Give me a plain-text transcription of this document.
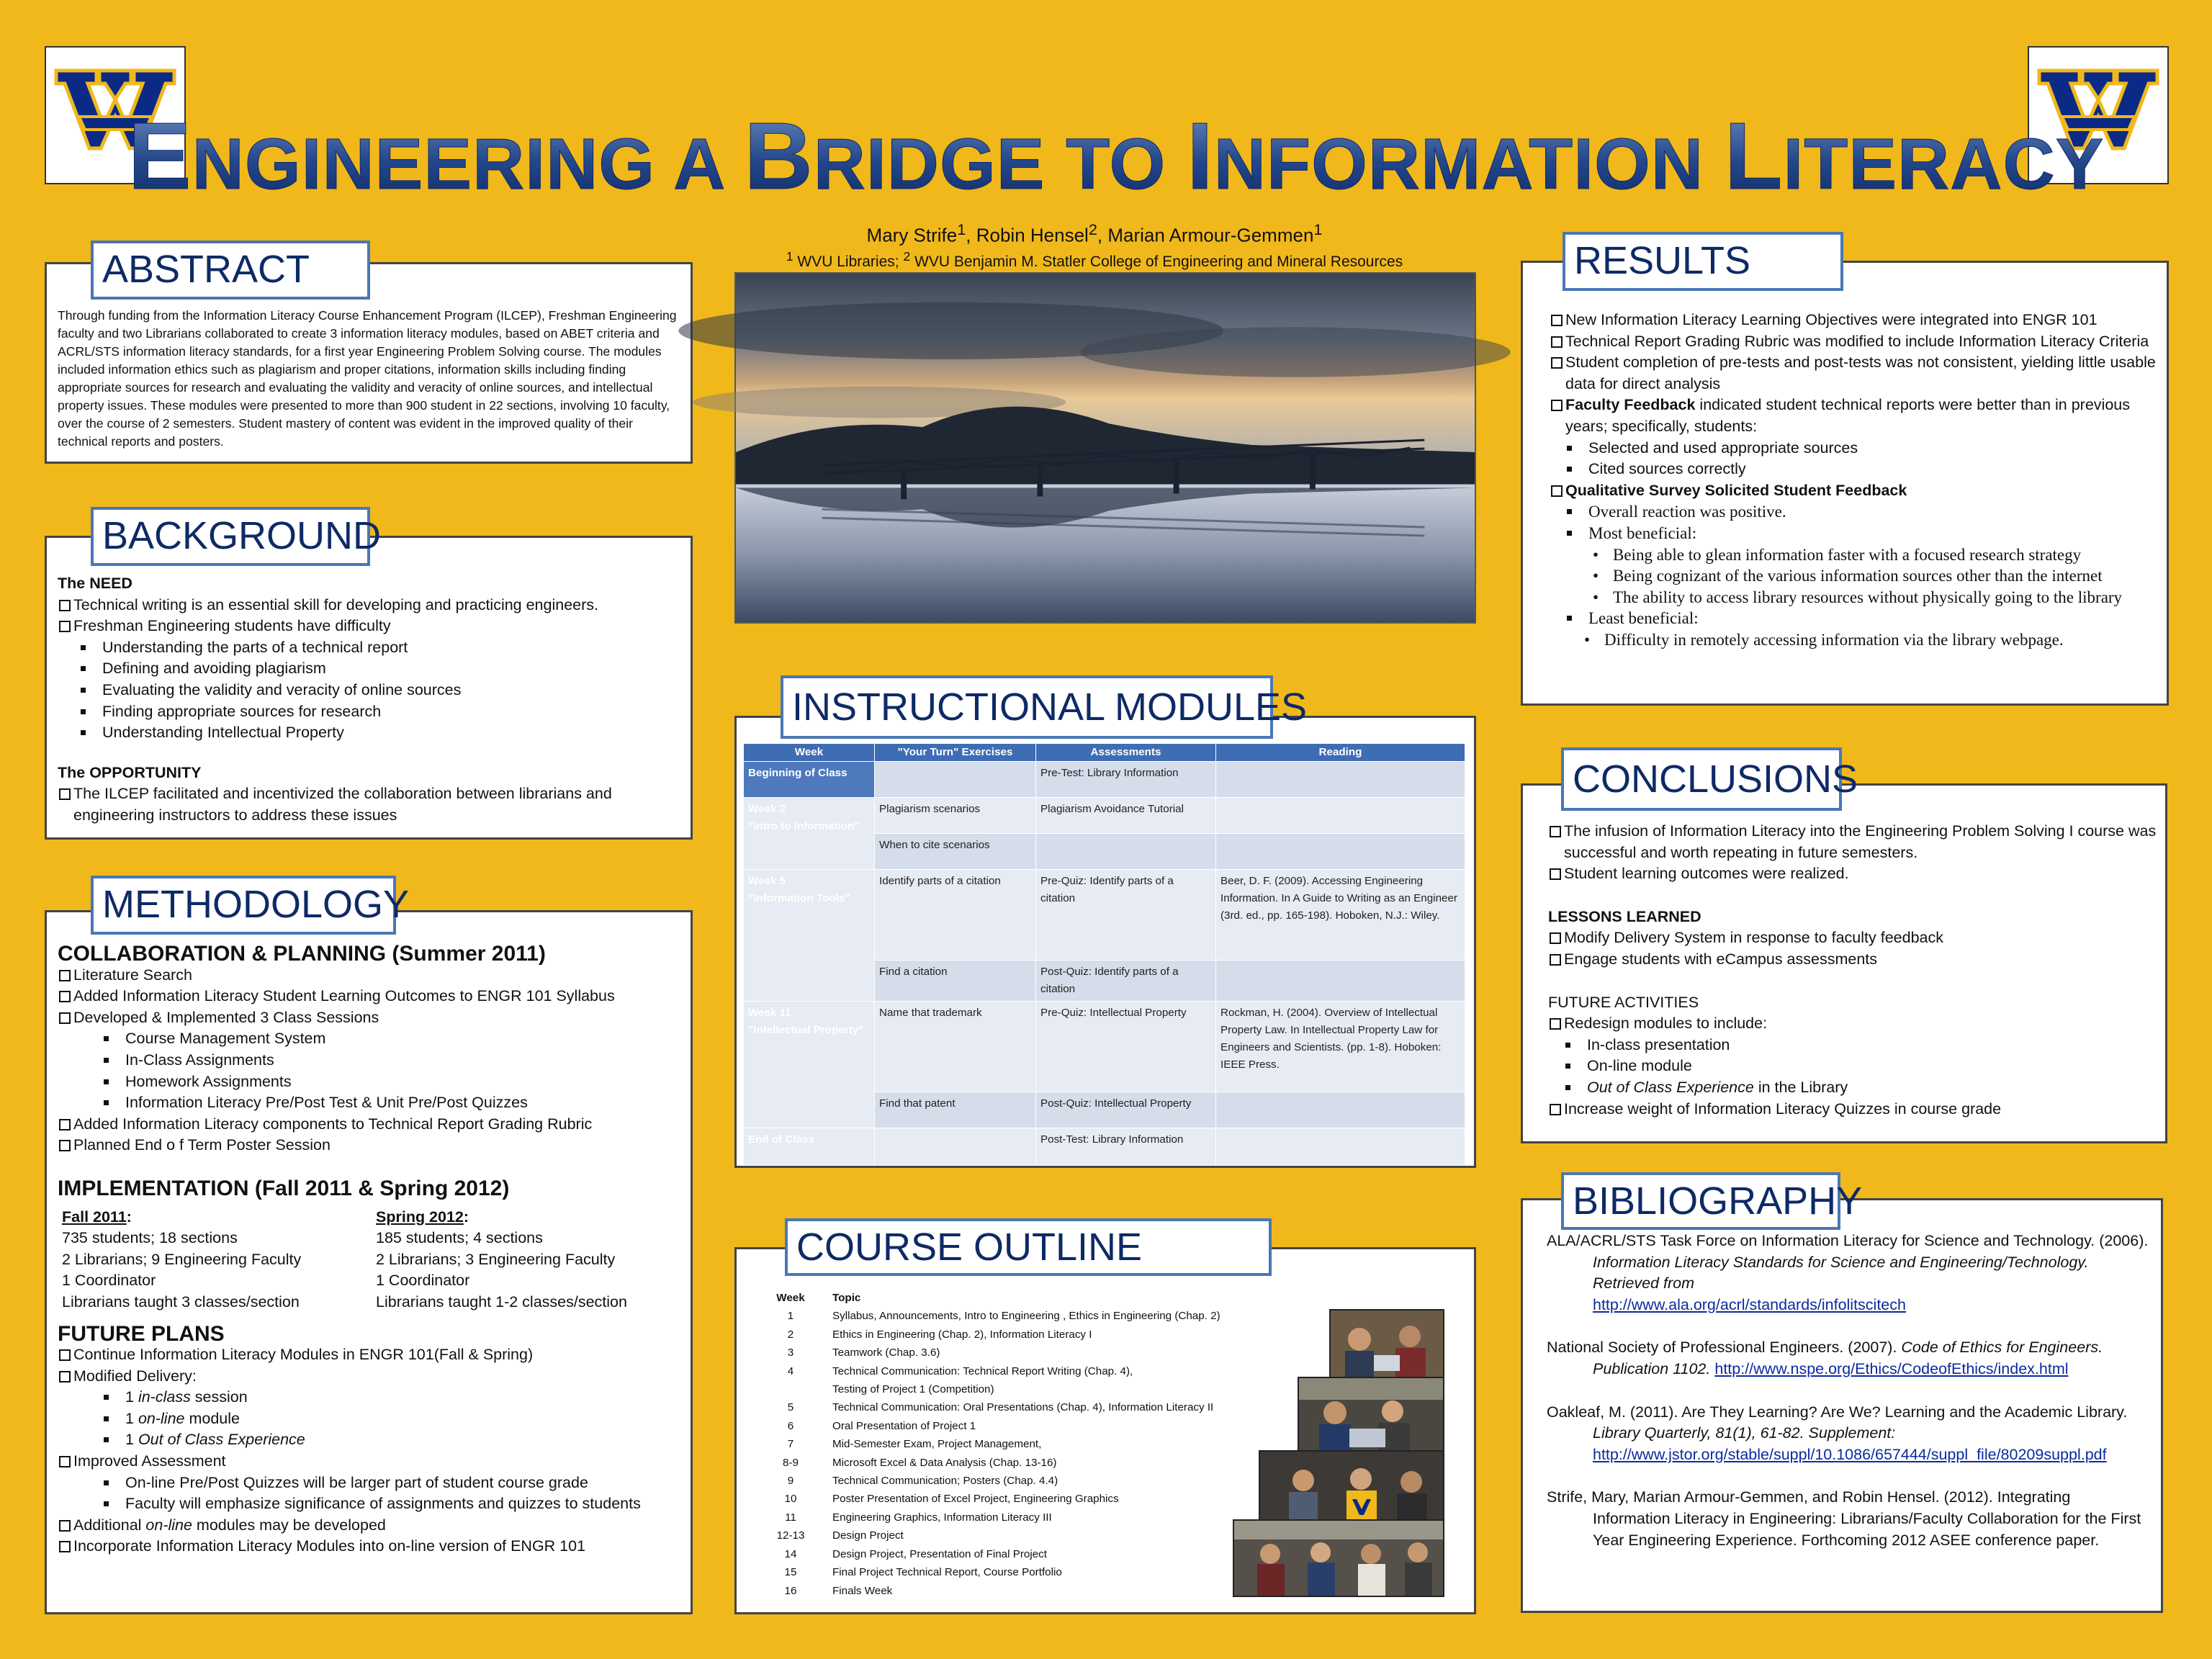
ENGINEERING A BRIDGE TO INFORMATION LITERACY
Mary Strife$^1$, Robin Hensel$^2$, Marian Armour-Gemmen$^1$
$^1$ WVU Libraries; $^2$ WVU Benjamin M. Statler College of Engineering and Mineral Resources
ABSTRACT
Through funding from the Information Literacy Course Enhancement Program (ILCEP), Freshman Engineering faculty and two Librarians collaborated to create 3 information literacy modules, based on ABET criteria and ACRL/STS information literacy standards, for a first year Engineering Problem Solving course. The modules included information ethics such as plagiarism and proper citations, information skills including finding appropriate sources for research and evaluating the validity and veracity of online sources, and intellectual property issues. These modules were presented to more than 900 student in 22 sections, involving 10 faculty, over the course of 2 semesters. Student mastery of content was evident in the improved quality of their technical reports and posters.
BACKGROUND
The NEED
Technical writing is an essential skill for developing and practicing engineers.
Freshman Engineering students have difficulty
Understanding the parts of a technical report
Defining and avoiding plagiarism
Evaluating the validity and veracity of online sources
Finding appropriate sources for research
Understanding Intellectual Property
The OPPORTUNITY
The ILCEP facilitated and incentivized the collaboration between librarians and engineering instructors to address these issues
METHODOLOGY
COLLABORATION & PLANNING (Summer 2011)
Literature Search
Added Information Literacy Student Learning Outcomes to ENGR 101 Syllabus
Developed & Implemented 3 Class Sessions
Course Management System
In-Class Assignments
Homework Assignments
Information Literacy Pre/Post Test & Unit Pre/Post Quizzes
Added Information Literacy components to Technical Report Grading Rubric
Planned End o f Term Poster Session
IMPLEMENTATION (Fall 2011 & Spring 2012)
Fall 2011:
735 students; 18 sections
2 Librarians; 9 Engineering Faculty
1 Coordinator
Librarians taught 3 classes/section
Spring 2012:
185 students; 4 sections
2 Librarians; 3 Engineering Faculty
1 Coordinator
Librarians taught 1-2 classes/section
FUTURE PLANS
Continue Information Literacy Modules in ENGR 101(Fall & Spring)
Modified Delivery:
1 in-class session
1 on-line module
1 Out of Class Experience
Improved Assessment
On-line Pre/Post Quizzes will be larger part of student course grade
Faculty will emphasize significance of assignments and quizzes to students
Additional on-line modules may be developed
Incorporate Information Literacy Modules into on-line version of ENGR 101
INSTRUCTIONAL MODULES
Week	"Your Turn" Exercises	Assessments	Reading
Beginning of Class		Pre-Test: Library Information	
Week 2
"Intro to Information"	Plagiarism scenarios	Plagiarism Avoidance Tutorial	
	When to cite scenarios		
Week 5
"Information Tools"	Identify parts of a citation	Pre-Quiz: Identify parts of a citation	Beer, D. F. (2009). Accessing Engineering Information. In A Guide to Writing as an Engineer (3rd. ed., pp. 165-198). Hoboken, N.J.: Wiley.
	Find a citation	Post-Quiz: Identify parts of a citation	
Week 11
"Intellectual Property"	Name that trademark	Pre-Quiz: Intellectual Property	Rockman, H. (2004). Overview of Intellectual Property Law. In Intellectual Property Law for Engineers and Scientists. (pp. 1-8). Hoboken: IEEE Press.
	Find that patent	Post-Quiz: Intellectual Property	
End of Class		Post-Test: Library Information	
COURSE OUTLINE
Week	Topic
1	Syllabus, Announcements, Intro to Engineering , Ethics in Engineering (Chap. 2)
2	Ethics in Engineering (Chap. 2), Information Literacy I
3	Teamwork (Chap. 3.6)
4	Technical Communication: Technical Report Writing (Chap. 4),
	Testing of Project 1 (Competition)
5	Technical Communication: Oral Presentations (Chap. 4), Information Literacy II
6	Oral Presentation of Project 1
7	Mid-Semester Exam, Project Management,
8-9	Microsoft Excel & Data Analysis (Chap. 13-16)
9	Technical Communication; Posters (Chap. 4.4)
10	Poster Presentation of Excel Project, Engineering Graphics
11	Engineering Graphics, Information Literacy III
12-13	Design Project
14	Design Project, Presentation of Final Project
15	Final Project Technical Report, Course Portfolio
16	Finals Week
RESULTS
New Information Literacy Learning Objectives were integrated into ENGR 101
Technical Report Grading Rubric was modified to include Information Literacy Criteria
Student completion of pre-tests and post-tests was not consistent, yielding little usable data for direct analysis
Faculty Feedback indicated student technical reports were better than in previous years; specifically, students:
Selected and used appropriate sources
Cited sources correctly
Qualitative Survey Solicited Student Feedback
Overall reaction was positive.
Most beneficial:
• Being able to glean information faster with a focused research strategy
• Being cognizant of the various information sources other than the internet
• The ability to access library resources without physically going to the library
Least beneficial:
• Difficulty in remotely accessing information via the library webpage.
CONCLUSIONS
The infusion of Information Literacy into the Engineering Problem Solving I course was successful and worth repeating in future semesters.
Student learning outcomes were realized.
LESSONS LEARNED
Modify Delivery System in response to faculty feedback
Engage students with eCampus assessments
FUTURE ACTIVITIES
Redesign modules to include:
In-class presentation
On-line module
Out of Class Experience in the Library
Increase weight of Information Literacy Quizzes in course grade
BIBLIOGRAPHY

ALA/ACRL/STS Task Force on Information Literacy for Science and Technology. (2006). Information Literacy Standards for Science and Engineering/Technology. Retrieved from
http://www.ala.org/acrl/standards/infolitscitech

National Society of Professional Engineers. (2007). Code of Ethics for Engineers. Publication 1102. http://www.nspe.org/Ethics/CodeofEthics/index.html

Oakleaf, M. (2011). Are They Learning? Are We? Learning and the Academic Library. Library Quarterly, 81(1), 61-82. Supplement:
http://www.jstor.org/stable/suppl/10.1086/657444/suppl_file/80209suppl.pdf

Strife, Mary, Marian Armour-Gemmen, and Robin Hensel. (2012). Integrating Information Literacy in Engineering: Librarians/Faculty Collaboration for the First Year Engineering Experience. Forthcoming 2012 ASEE conference paper.
